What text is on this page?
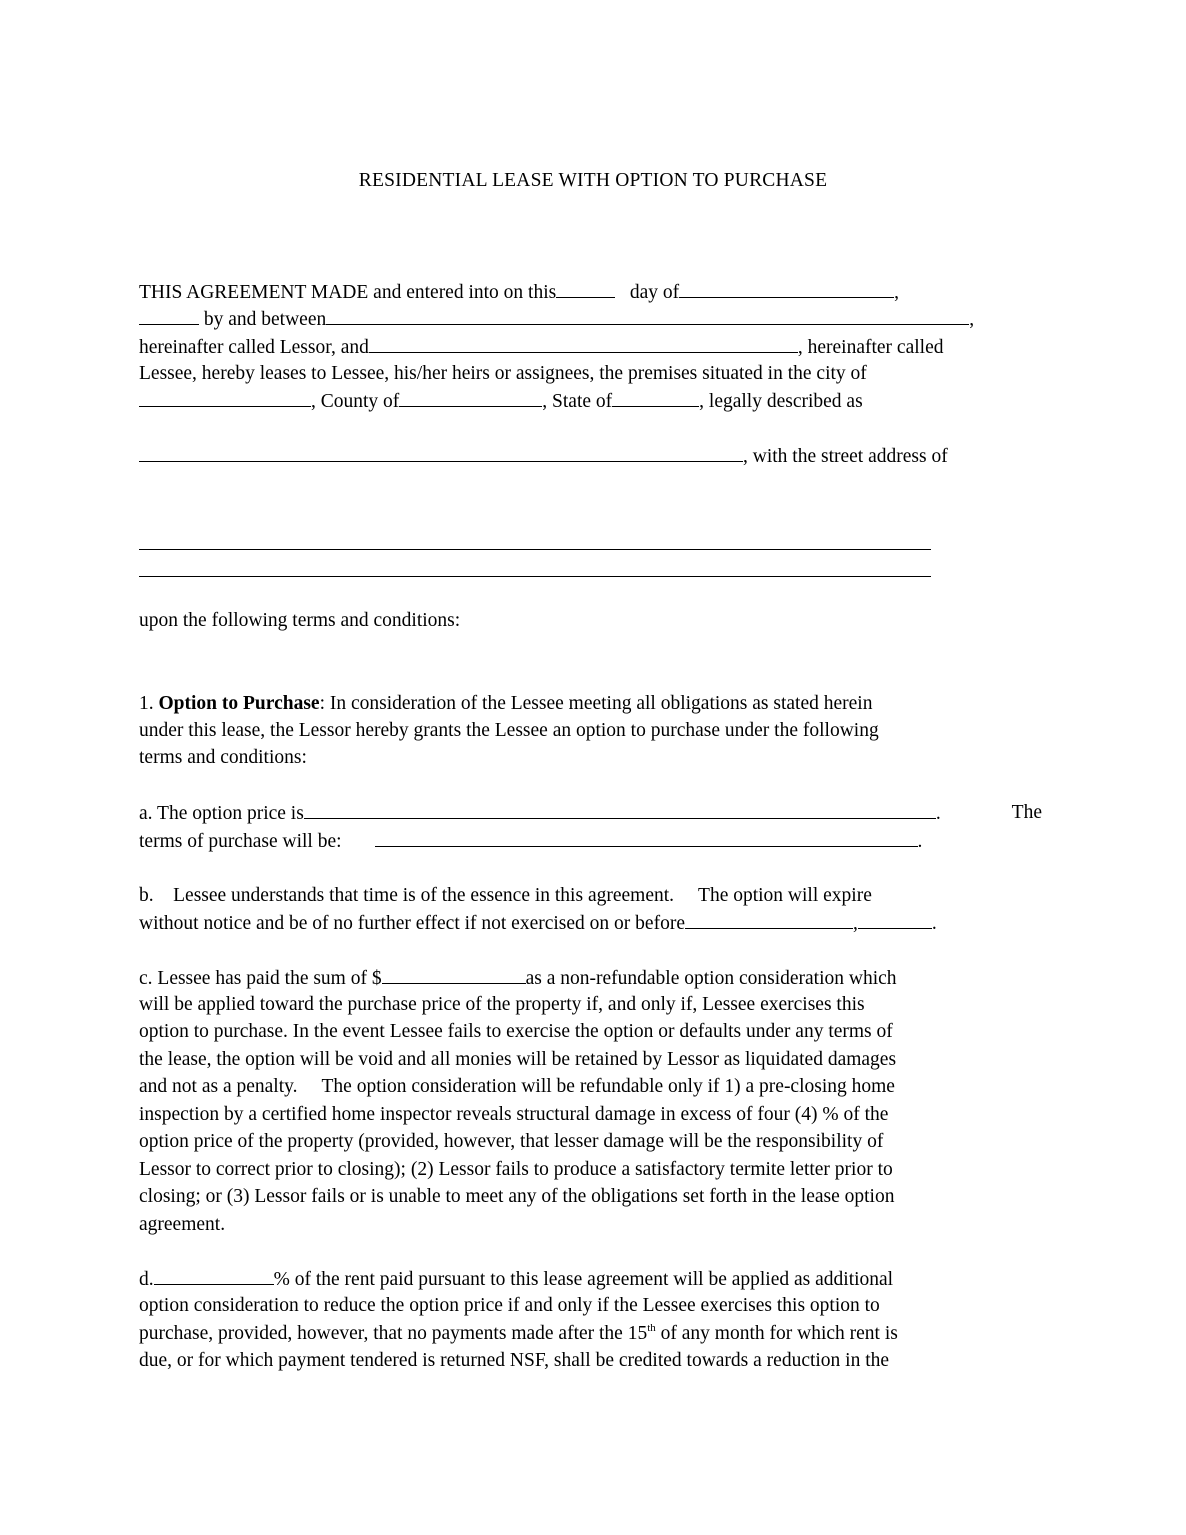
RESIDENTIAL LEASE WITH OPTION TO PURCHASE
THIS AGREEMENT MADE and entered into on this	day of	,
by and between	,
hereinafter called Lessor, and	, hereinafter called
Lessee, hereby leases to Lessee, his/her heirs or assignees, the premises situated in the city of
, County of	, State of	, legally described as
, with the street address of
upon the following terms and conditions:
1. Option to Purchase: In consideration of the Lessee meeting all obligations as stated herein
under this lease, the Lessor hereby grants the Lessee an option to purchase under the following
terms and conditions:
a. The option price is	.	The
terms of purchase will be:	.
b.    Lessee understands that time is of the essence in this agreement.     The option will expire
without notice and be of no further effect if not exercised on or before	,	.
c. Lessee has paid the sum of $	as a non-refundable option consideration which
will be applied toward the purchase price of the property if, and only if, Lessee exercises this
option to purchase. In the event Lessee fails to exercise the option or defaults under any terms of
the lease, the option will be void and all monies will be retained by Lessor as liquidated damages
and not as a penalty.     The option consideration will be refundable only if 1) a pre-closing home
inspection by a certified home inspector reveals structural damage in excess of four (4) % of the
option price of the property (provided, however, that lesser damage will be the responsibility of
Lessor to correct prior to closing); (2) Lessor fails to produce a satisfactory termite letter prior to
closing; or (3) Lessor fails or is unable to meet any of the obligations set forth in the lease option
agreement.
d.	% of the rent paid pursuant to this lease agreement will be applied as additional
option consideration to reduce the option price if and only if the Lessee exercises this option to
purchase, provided, however, that no payments made after the 15th of any month for which rent is
due, or for which payment tendered is returned NSF, shall be credited towards a reduction in the
